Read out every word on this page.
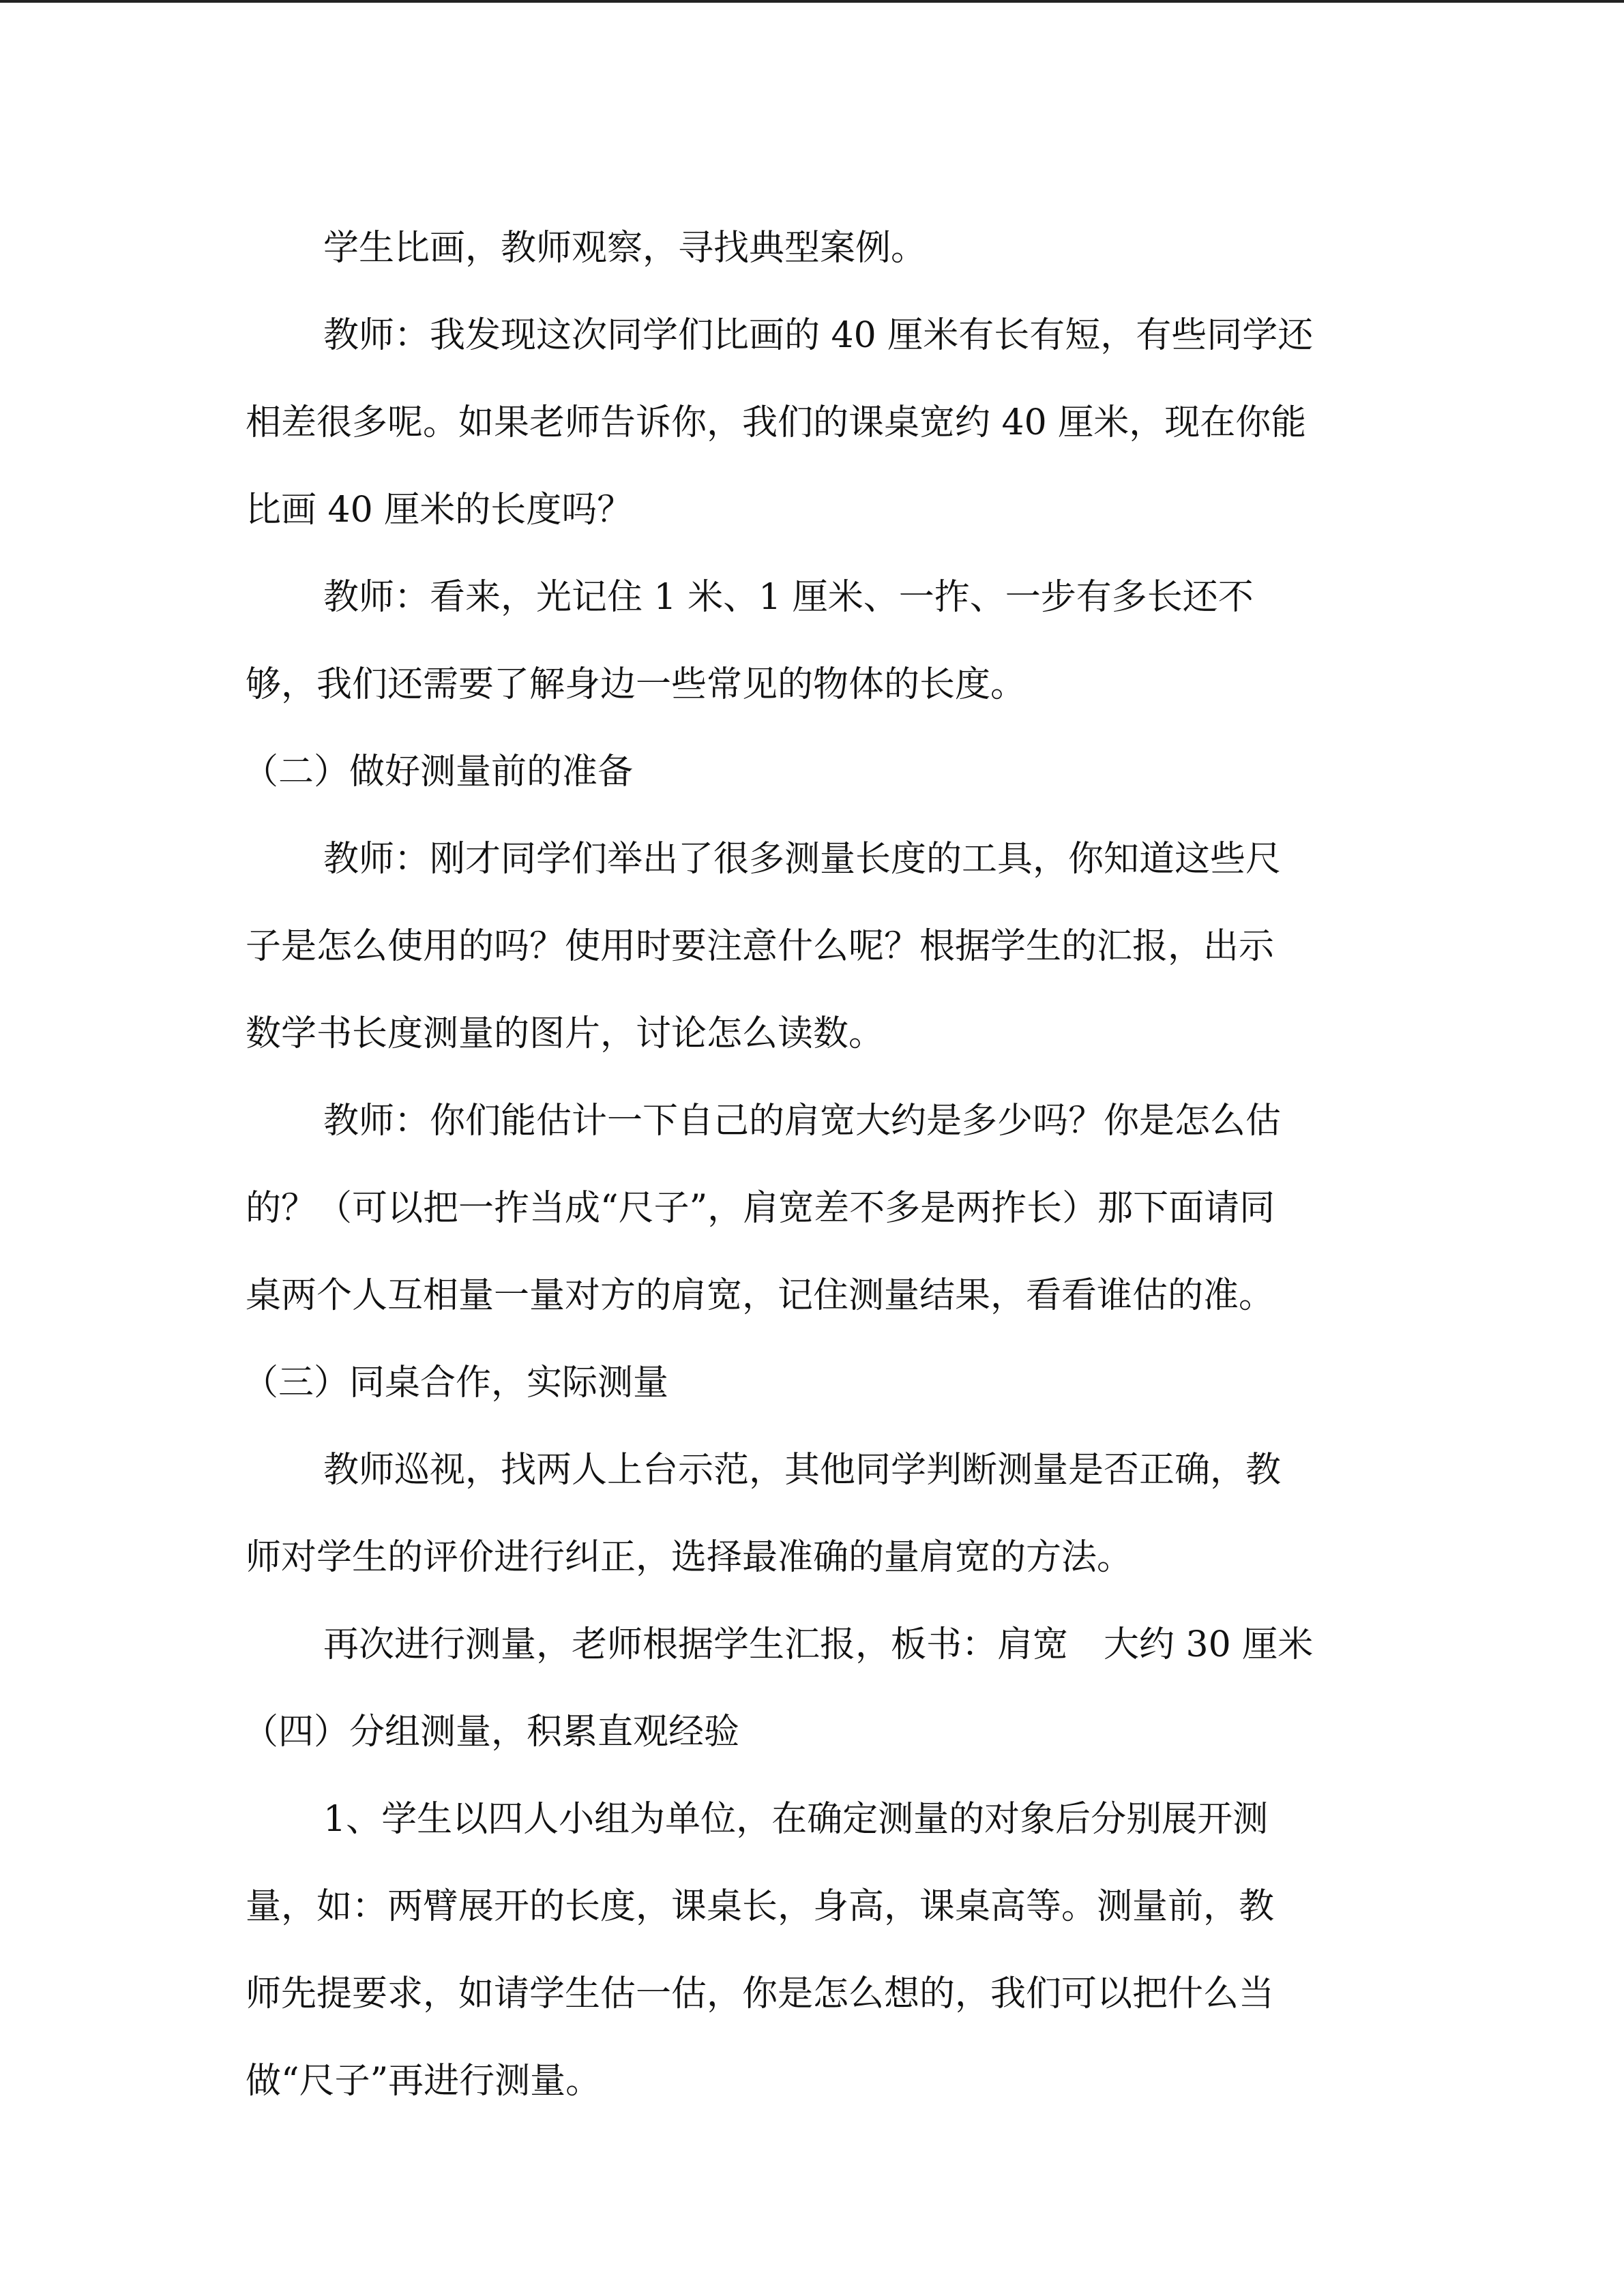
学生比画，教师观察，寻找典型案例。
教师：我发现这次同学们比画的 40 厘米有长有短，有些同学还
相差很多呢。如果老师告诉你，我们的课桌宽约 40 厘米，现在你能
比画 40 厘米的长度吗？
教师：看来，光记住 1 米、1 厘米、一拃、一步有多长还不
够，我们还需要了解身边一些常见的物体的长度。
（二）做好测量前的准备
教师：刚才同学们举出了很多测量长度的工具，你知道这些尺
子是怎么使用的吗？使用时要注意什么呢？根据学生的汇报，出示
数学书长度测量的图片，讨论怎么读数。
教师：你们能估计一下自己的肩宽大约是多少吗？你是怎么估
的？（可以把一拃当成“尺子”，肩宽差不多是两拃长）那下面请同
桌两个人互相量一量对方的肩宽，记住测量结果，看看谁估的准。
（三）同桌合作，实际测量
教师巡视，找两人上台示范，其他同学判断测量是否正确，教
师对学生的评价进行纠正，选择最准确的量肩宽的方法。
再次进行测量，老师根据学生汇报，板书：肩宽　大约 30 厘米
（四）分组测量，积累直观经验
1、学生以四人小组为单位，在确定测量的对象后分别展开测
量，如：两臂展开的长度，课桌长，身高，课桌高等。测量前，教
师先提要求，如请学生估一估，你是怎么想的，我们可以把什么当
做“尺子”再进行测量。
